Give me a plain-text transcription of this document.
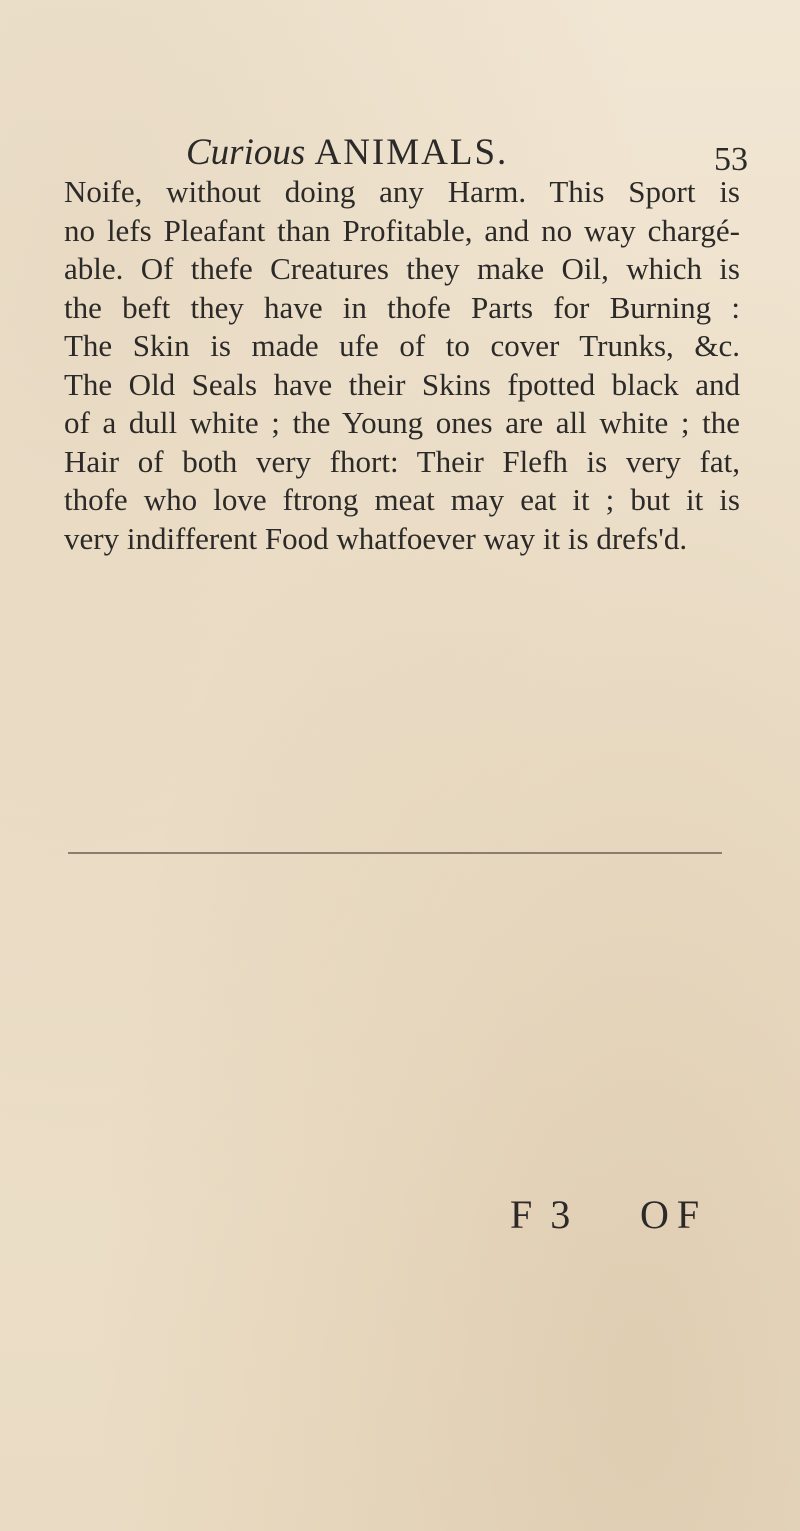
Curious ANIMALS.	53
Noife, without doing any Harm. This Sport is
no lefs Pleafant than Profitable, and no way chargé-
able. Of thefe Creatures they make Oil, which is
the beft they have in thofe Parts for Burning :
The Skin is made ufe of to cover Trunks, &c.
The Old Seals have their Skins fpotted black and
of a dull white ; the Young ones are all white ; the
Hair of both very fhort: Their Flefh is very fat,
thofe who love ftrong meat may eat it ; but it is
very indifferent Food whatfoever way it is drefs'd.
F 3 OF
